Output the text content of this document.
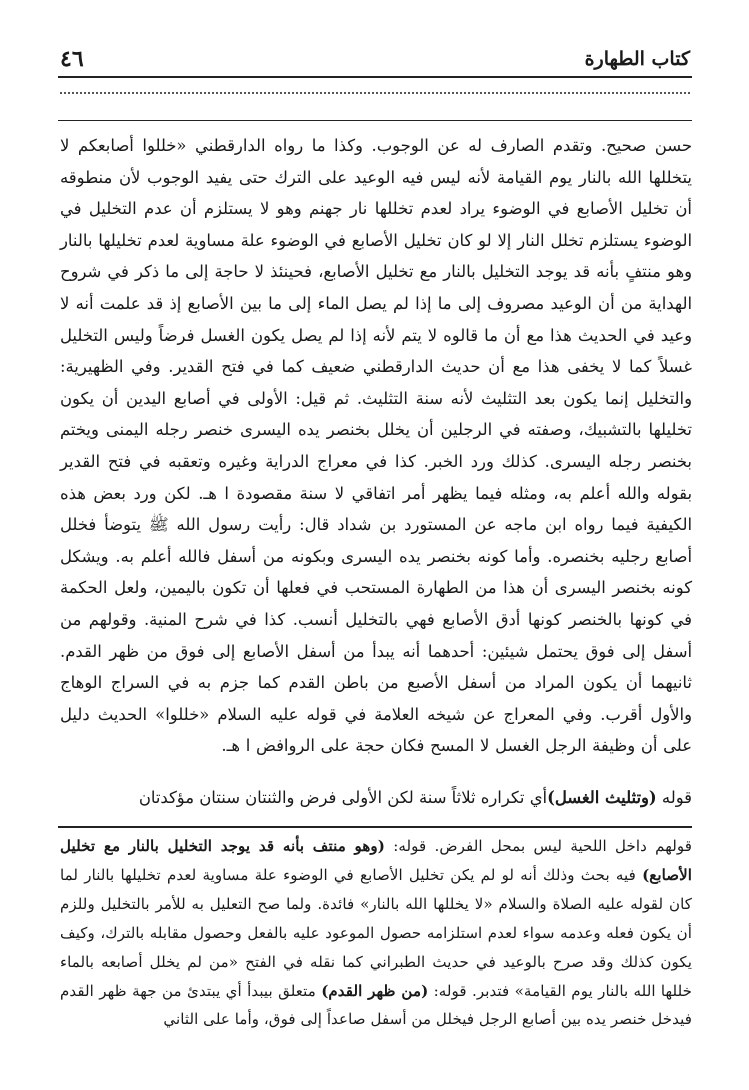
٤٦	كتاب الطهارة

حسن صحيح. وتقدم الصارف له عن الوجوب. وكذا ما رواه الدارقطني «خللوا أصابعكم لا يتخللها الله بالنار يوم القيامة لأنه ليس فيه الوعيد على الترك حتى يفيد الوجوب لأن منطوقه أن تخليل الأصابع في الوضوء يراد لعدم تخللها نار جهنم وهو لا يستلزم أن عدم التخليل في الوضوء يستلزم تخلل النار إلا لو كان تخليل الأصابع في الوضوء علة مساوية لعدم تخليلها بالنار وهو منتفٍ بأنه قد يوجد التخليل بالنار مع تخليل الأصابع، فحينئذ لا حاجة إلى ما ذكر في شروح الهداية من أن الوعيد مصروف إلى ما إذا لم يصل الماء إلى ما بين الأصابع إذ قد علمت أنه لا وعيد في الحديث هذا مع أن ما قالوه لا يتم لأنه إذا لم يصل يكون الغسل فرضاً وليس التخليل غسلاً كما لا يخفى هذا مع أن حديث الدارقطني ضعيف كما في فتح القدير. وفي الظهيرية: والتخليل إنما يكون بعد التثليث لأنه سنة التثليث. ثم قيل: الأولى في أصابع اليدين أن يكون تخليلها بالتشبيك، وصفته في الرجلين أن يخلل بخنصر يده اليسرى خنصر رجله اليمنى ويختم بخنصر رجله اليسرى. كذلك ورد الخبر. كذا في معراج الدراية وغيره وتعقبه في فتح القدير بقوله والله أعلم به، ومثله فيما يظهر أمر اتفاقي لا سنة مقصودة ا هـ. لكن ورد بعض هذه الكيفية فيما رواه ابن ماجه عن المستورد بن شداد قال: رأيت رسول الله ﷺ يتوضأ فخلل أصابع رجليه بخنصره. وأما كونه بخنصر يده اليسرى وبكونه من أسفل فالله أعلم به. ويشكل كونه بخنصر اليسرى أن هذا من الطهارة المستحب في فعلها أن تكون باليمين، ولعل الحكمة في كونها بالخنصر كونها أدق الأصابع فهي بالتخليل أنسب. كذا في شرح المنية. وقولهم من أسفل إلى فوق يحتمل شيئين: أحدهما أنه يبدأ من أسفل الأصابع إلى فوق من ظهر القدم. ثانيهما أن يكون المراد من أسفل الأصبع من باطن القدم كما جزم به في السراج الوهاج والأول أقرب. وفي المعراج عن شيخه العلامة في قوله عليه السلام «خللوا» الحديث دليل على أن وظيفة الرجل الغسل لا المسح فكان حجة على الروافض ا هـ.

قوله (وتثليث الغسل)أي تكراره ثلاثاً سنة لكن الأولى فرض والثنتان سنتان مؤكدتان
قولهم داخل اللحية ليس بمحل الفرض. قوله: (وهو منتف بأنه قد يوجد التخليل بالنار مع تخليل الأصابع) فيه بحث وذلك أنه لو لم يكن تخليل الأصابع في الوضوء علة مساوية لعدم تخليلها بالنار لما كان لقوله عليه الصلاة والسلام «لا يخللها الله بالنار» فائدة. ولما صح التعليل به للأمر بالتخليل وللزم أن يكون فعله وعدمه سواء لعدم استلزامه حصول الموعود عليه بالفعل وحصول مقابله بالترك، وكيف يكون كذلك وقد صرح بالوعيد في حديث الطبراني كما نقله في الفتح «من لم يخلل أصابعه بالماء خللها الله بالنار يوم القيامة» فتدبر. قوله: (من ظهر القدم) متعلق بيبدأ أي يبتدئ من جهة ظهر القدم فيدخل خنصر يده بين أصابع الرجل فيخلل من أسفل صاعداً إلى فوق، وأما على الثاني
